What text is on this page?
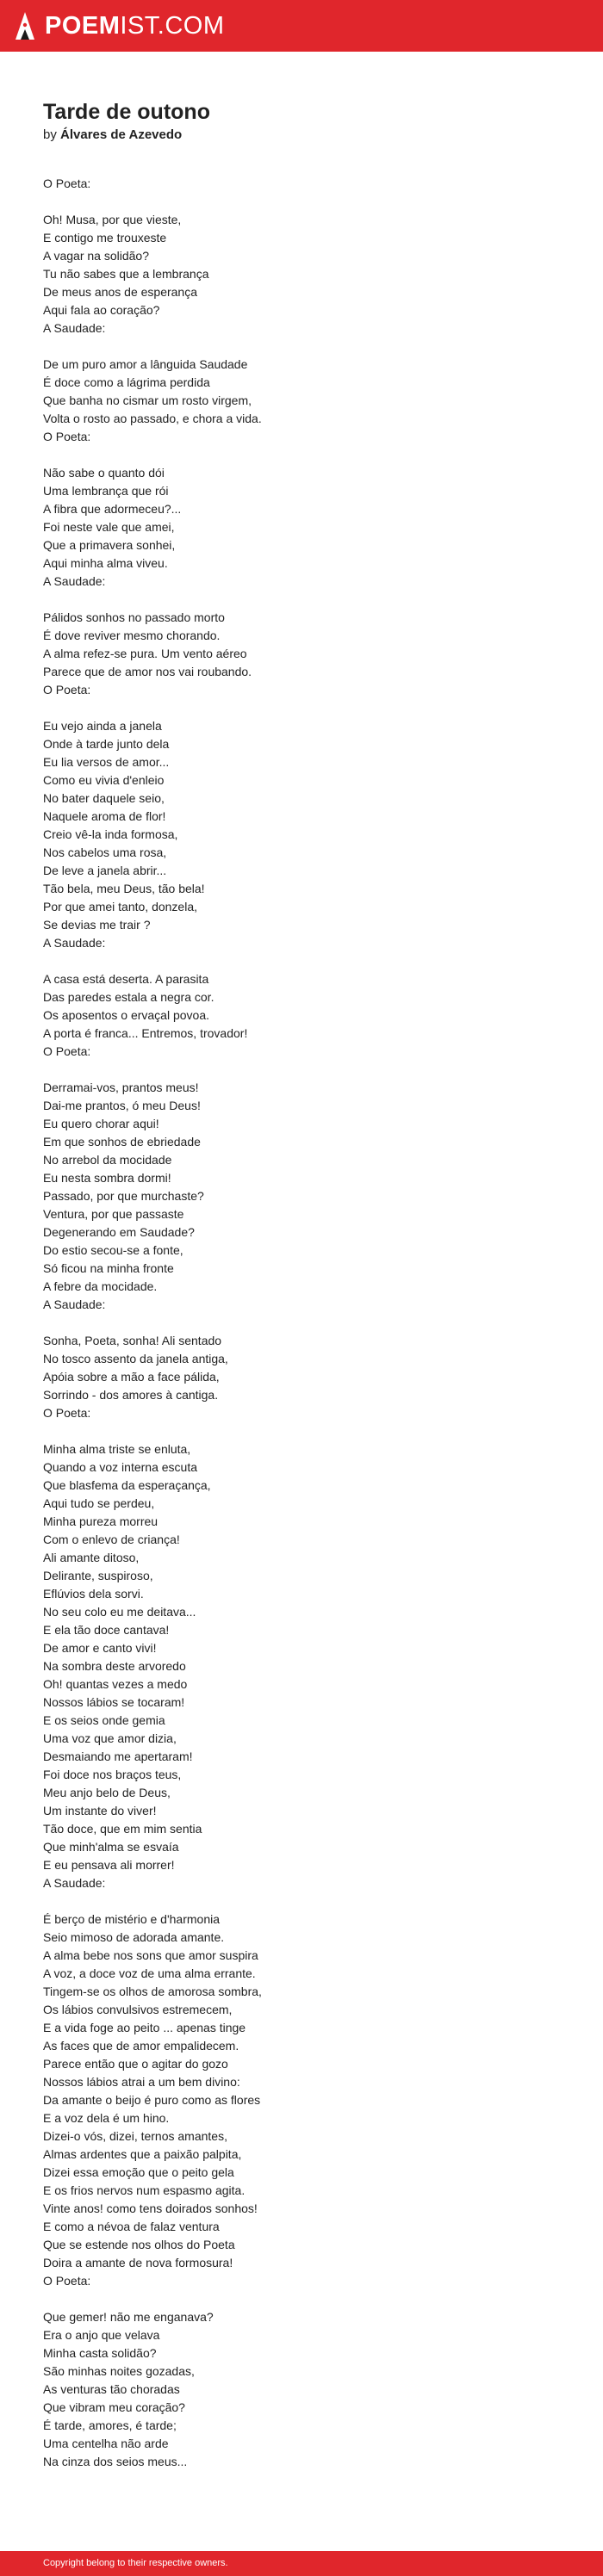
POEMIST.COM
Tarde de outono
by Álvares de Azevedo
O Poeta:
Oh! Musa, por que vieste,
E contigo me trouxeste
A vagar na solidão?
Tu não sabes que a lembrança
De meus anos de esperança
Aqui fala ao coração?
A Saudade:
De um puro amor a lânguida Saudade
É doce como a lágrima perdida
Que banha no cismar um rosto virgem,
Volta o rosto ao passado, e chora a vida.
O Poeta:
Não sabe o quanto dói
Uma lembrança que rói
A fibra que adormeceu?...
Foi neste vale que amei,
Que a primavera sonhei,
Aqui minha alma viveu.
A Saudade:
Pálidos sonhos no passado morto
É dove reviver mesmo chorando.
A alma refez-se pura. Um vento aéreo
Parece que de amor nos vai roubando.
O Poeta:
Eu vejo ainda a janela
Onde à tarde junto dela
Eu lia versos de amor...
Como eu vivia d'enleio
No bater daquele seio,
Naquele aroma de flor!
Creio vê-la inda formosa,
Nos cabelos uma rosa,
De leve a janela abrir...
Tão bela, meu Deus, tão bela!
Por que amei tanto, donzela,
Se devias me trair ?
A Saudade:
A casa está deserta. A parasita
Das paredes estala a negra cor.
Os aposentos o ervaçal povoa.
A porta é franca... Entremos, trovador!
O Poeta:
Derramai-vos, prantos meus!
Dai-me prantos, ó meu Deus!
Eu quero chorar aqui!
Em que sonhos de ebriedade
No arrebol da mocidade
Eu nesta sombra dormi!
Passado, por que murchaste?
Ventura, por que passaste
Degenerando em Saudade?
Do estio secou-se a fonte,
Só ficou na minha fronte
A febre da mocidade.
A Saudade:
Sonha, Poeta, sonha! Ali sentado
No tosco assento da janela antiga,
Apóia sobre a mão a face pálida,
Sorrindo - dos amores à cantiga.
O Poeta:
Minha alma triste se enluta,
Quando a voz interna escuta
Que blasfema da esperaçança,
Aqui tudo se perdeu,
Minha pureza morreu
Com o enlevo de criança!
Ali amante ditoso,
Delirante, suspiroso,
Eflúvios dela sorvi.
No seu colo eu me deitava...
E ela tão doce cantava!
De amor e canto vivi!
Na sombra deste arvoredo
Oh! quantas vezes a medo
Nossos lábios se tocaram!
E os seios onde gemia
Uma voz que amor dizia,
Desmaiando me apertaram!
Foi doce nos braços teus,
Meu anjo belo de Deus,
Um instante do viver!
Tão doce, que em mim sentia
Que minh'alma se esvaía
E eu pensava ali morrer!
A Saudade:
É berço de mistério e d'harmonia
Seio mimoso de adorada amante.
A alma bebe nos sons que amor suspira
A voz, a doce voz de uma alma errante.
Tingem-se os olhos de amorosa sombra,
Os lábios convulsivos estremecem,
E a vida foge ao peito ... apenas tinge
As faces que de amor empalidecem.
Parece então que o agitar do gozo
Nossos lábios atrai a um bem divino:
Da amante o beijo é puro como as flores
E a voz dela é um hino.
Dizei-o vós, dizei, ternos amantes,
Almas ardentes que a paixão palpita,
Dizei essa emoção que o peito gela
E os frios nervos num espasmo agita.
Vinte anos! como tens doirados sonhos!
E como a névoa de falaz ventura
Que se estende nos olhos do Poeta
Doira a amante de nova formosura!
O Poeta:
Que gemer! não me enganava?
Era o anjo que velava
Minha casta solidão?
São minhas noites gozadas,
As venturas tão choradas
Que vibram meu coração?
É tarde, amores, é tarde;
Uma centelha não arde
Na cinza dos seios meus...
Copyright belong to their respective owners.
